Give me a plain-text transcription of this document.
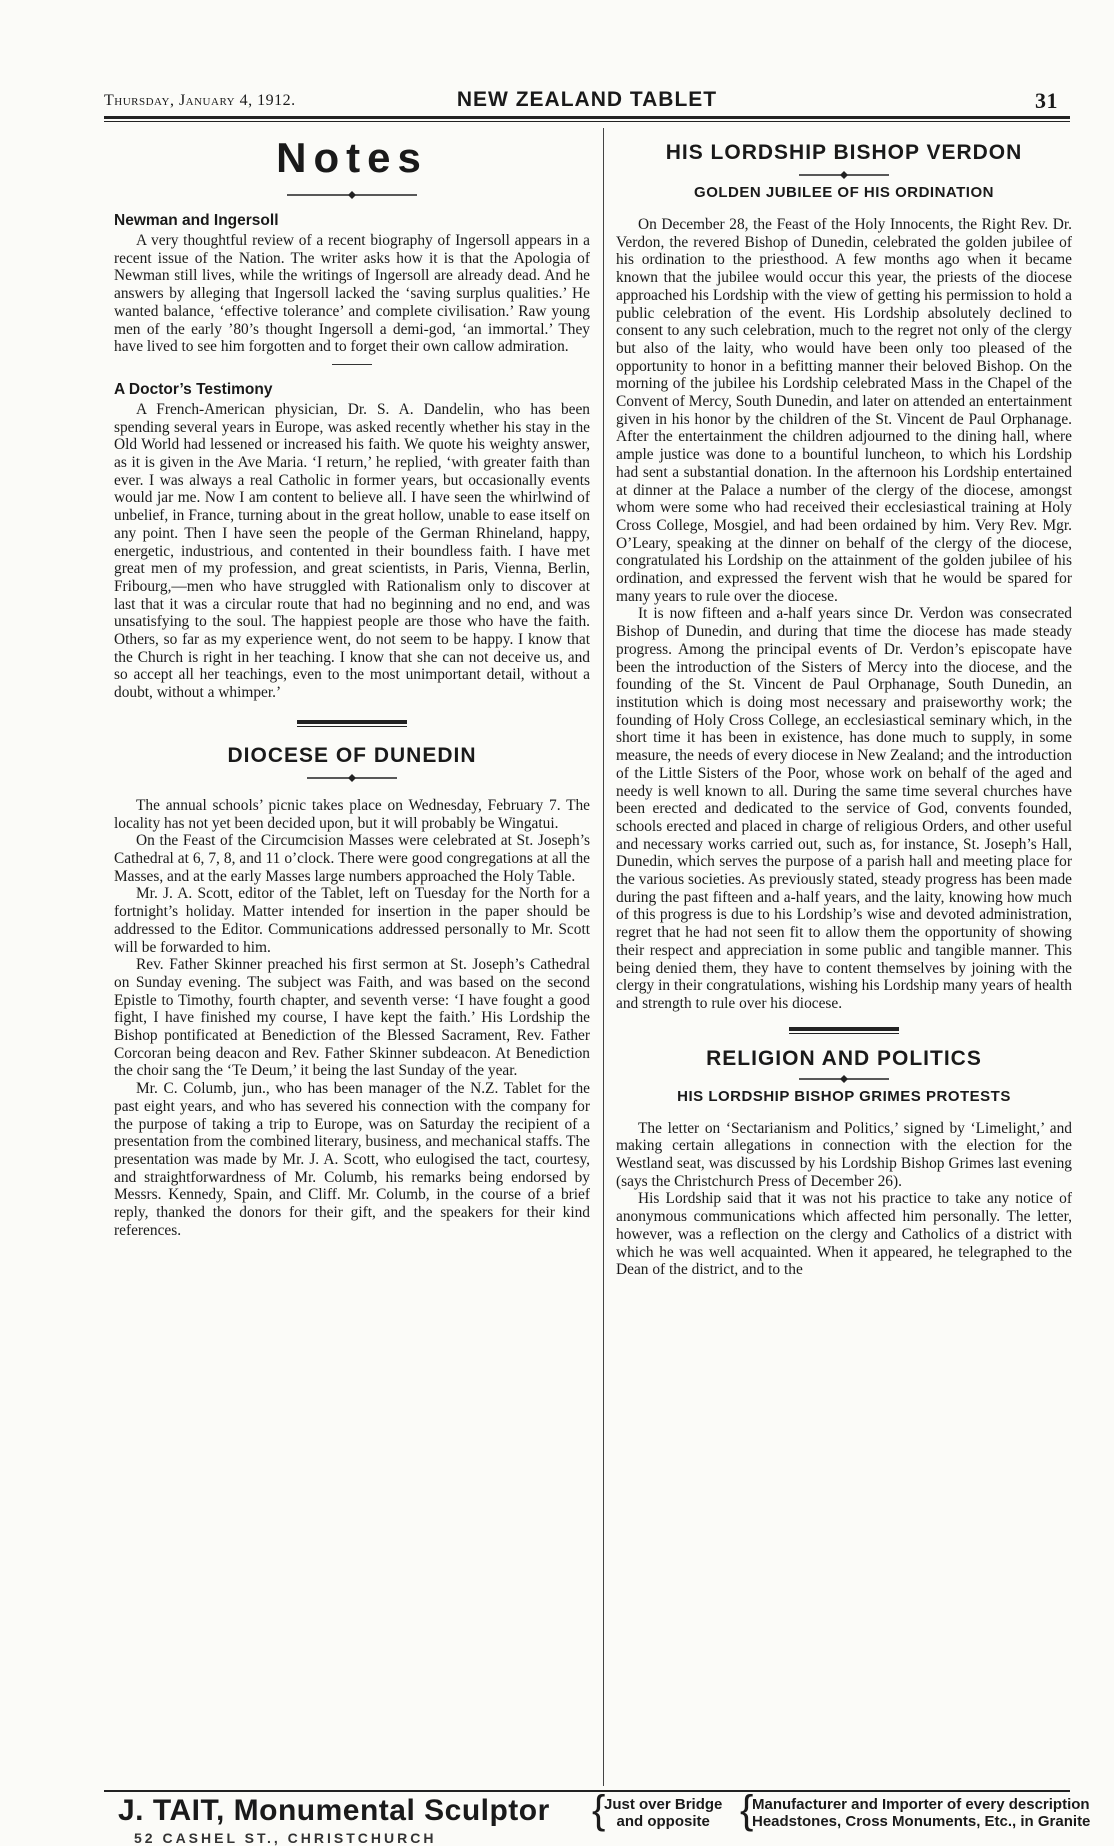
Thursday, January 4, 1912.	NEW ZEALAND TABLET	31
Notes
Newman and Ingersoll

A very thoughtful review of a recent biography of Ingersoll appears in a recent issue of the Nation. The writer asks how it is that the Apologia of Newman still lives, while the writings of Ingersoll are already dead. And he answers by alleging that Ingersoll lacked the ‘saving surplus qualities.’ He wanted balance, ‘effective tolerance’ and complete civilisation.’ Raw young men of the early ’80’s thought Ingersoll a demi-god, ‘an immortal.’ They have lived to see him forgotten and to forget their own callow admiration.

A Doctor’s Testimony

A French-American physician, Dr. S. A. Dandelin, who has been spending several years in Europe, was asked recently whether his stay in the Old World had lessened or increased his faith. We quote his weighty answer, as it is given in the Ave Maria. ‘I return,’ he replied, ‘with greater faith than ever. I was always a real Catholic in former years, but occasionally events would jar me. Now I am content to believe all. I have seen the whirlwind of unbelief, in France, turning about in the great hollow, unable to ease itself on any point. Then I have seen the people of the German Rhineland, happy, energetic, industrious, and contented in their boundless faith. I have met great men of my profession, and great scientists, in Paris, Vienna, Berlin, Fribourg,—men who have struggled with Rationalism only to discover at last that it was a circular route that had no beginning and no end, and was unsatisfying to the soul. The happiest people are those who have the faith. Others, so far as my experience went, do not seem to be happy. I know that the Church is right in her teaching. I know that she can not deceive us, and so accept all her teachings, even to the most unimportant detail, without a doubt, without a whimper.’

DIOCESE OF DUNEDIN

The annual schools’ picnic takes place on Wednesday, February 7. The locality has not yet been decided upon, but it will probably be Wingatui.

On the Feast of the Circumcision Masses were celebrated at St. Joseph’s Cathedral at 6, 7, 8, and 11 o’clock. There were good congregations at all the Masses, and at the early Masses large numbers approached the Holy Table.

Mr. J. A. Scott, editor of the Tablet, left on Tuesday for the North for a fortnight’s holiday. Matter intended for insertion in the paper should be addressed to the Editor. Communications addressed personally to Mr. Scott will be forwarded to him.

Rev. Father Skinner preached his first sermon at St. Joseph’s Cathedral on Sunday evening. The subject was Faith, and was based on the second Epistle to Timothy, fourth chapter, and seventh verse: ‘I have fought a good fight, I have finished my course, I have kept the faith.’ His Lordship the Bishop pontificated at Benediction of the Blessed Sacrament, Rev. Father Corcoran being deacon and Rev. Father Skinner subdeacon. At Benediction the choir sang the ‘Te Deum,’ it being the last Sunday of the year.

Mr. C. Columb, jun., who has been manager of the N.Z. Tablet for the past eight years, and who has severed his connection with the company for the purpose of taking a trip to Europe, was on Saturday the recipient of a presentation from the combined literary, business, and mechanical staffs. The presentation was made by Mr. J. A. Scott, who eulogised the tact, courtesy, and straightforwardness of Mr. Columb, his remarks being endorsed by Messrs. Kennedy, Spain, and Cliff. Mr. Columb, in the course of a brief reply, thanked the donors for their gift, and the speakers for their kind references.

HIS LORDSHIP BISHOP VERDON
GOLDEN JUBILEE OF HIS ORDINATION

On December 28, the Feast of the Holy Innocents, the Right Rev. Dr. Verdon, the revered Bishop of Dunedin, celebrated the golden jubilee of his ordination to the priesthood. A few months ago when it became known that the jubilee would occur this year, the priests of the diocese approached his Lordship with the view of getting his permission to hold a public celebration of the event. His Lordship absolutely declined to consent to any such celebration, much to the regret not only of the clergy but also of the laity, who would have been only too pleased of the opportunity to honor in a befitting manner their beloved Bishop. On the morning of the jubilee his Lordship celebrated Mass in the Chapel of the Convent of Mercy, South Dunedin, and later on attended an entertainment given in his honor by the children of the St. Vincent de Paul Orphanage. After the entertainment the children adjourned to the dining hall, where ample justice was done to a bountiful luncheon, to which his Lordship had sent a substantial donation. In the afternoon his Lordship entertained at dinner at the Palace a number of the clergy of the diocese, amongst whom were some who had received their ecclesiastical training at Holy Cross College, Mosgiel, and had been ordained by him. Very Rev. Mgr. O’Leary, speaking at the dinner on behalf of the clergy of the diocese, congratulated his Lordship on the attainment of the golden jubilee of his ordination, and expressed the fervent wish that he would be spared for many years to rule over the diocese.

It is now fifteen and a-half years since Dr. Verdon was consecrated Bishop of Dunedin, and during that time the diocese has made steady progress. Among the principal events of Dr. Verdon’s episcopate have been the introduction of the Sisters of Mercy into the diocese, and the founding of the St. Vincent de Paul Orphanage, South Dunedin, an institution which is doing most necessary and praiseworthy work; the founding of Holy Cross College, an ecclesiastical seminary which, in the short time it has been in existence, has done much to supply, in some measure, the needs of every diocese in New Zealand; and the introduction of the Little Sisters of the Poor, whose work on behalf of the aged and needy is well known to all. During the same time several churches have been erected and dedicated to the service of God, convents founded, schools erected and placed in charge of religious Orders, and other useful and necessary works carried out, such as, for instance, St. Joseph’s Hall, Dunedin, which serves the purpose of a parish hall and meeting place for the various societies. As previously stated, steady progress has been made during the past fifteen and a-half years, and the laity, knowing how much of this progress is due to his Lordship’s wise and devoted administration, regret that he had not seen fit to allow them the opportunity of showing their respect and appreciation in some public and tangible manner. This being denied them, they have to content themselves by joining with the clergy in their congratulations, wishing his Lordship many years of health and strength to rule over his diocese.

RELIGION AND POLITICS
HIS LORDSHIP BISHOP GRIMES PROTESTS

The letter on ‘Sectarianism and Politics,’ signed by ‘Limelight,’ and making certain allegations in connection with the election for the Westland seat, was discussed by his Lordship Bishop Grimes last evening (says the Christchurch Press of December 26).

His Lordship said that it was not his practice to take any notice of anonymous communications which affected him personally. The letter, however, was a reflection on the clergy and Catholics of a district with which he was well acquainted. When it appeared, he telegraphed to the Dean of the district, and to the

J. TAIT, Monumental Sculptor {
Just over Bridge
and opposite {
Manufacturer and Importer of every description
Headstones, Cross Monuments, Etc., in Granite
52 CASHEL ST., CHRISTCHURCH
